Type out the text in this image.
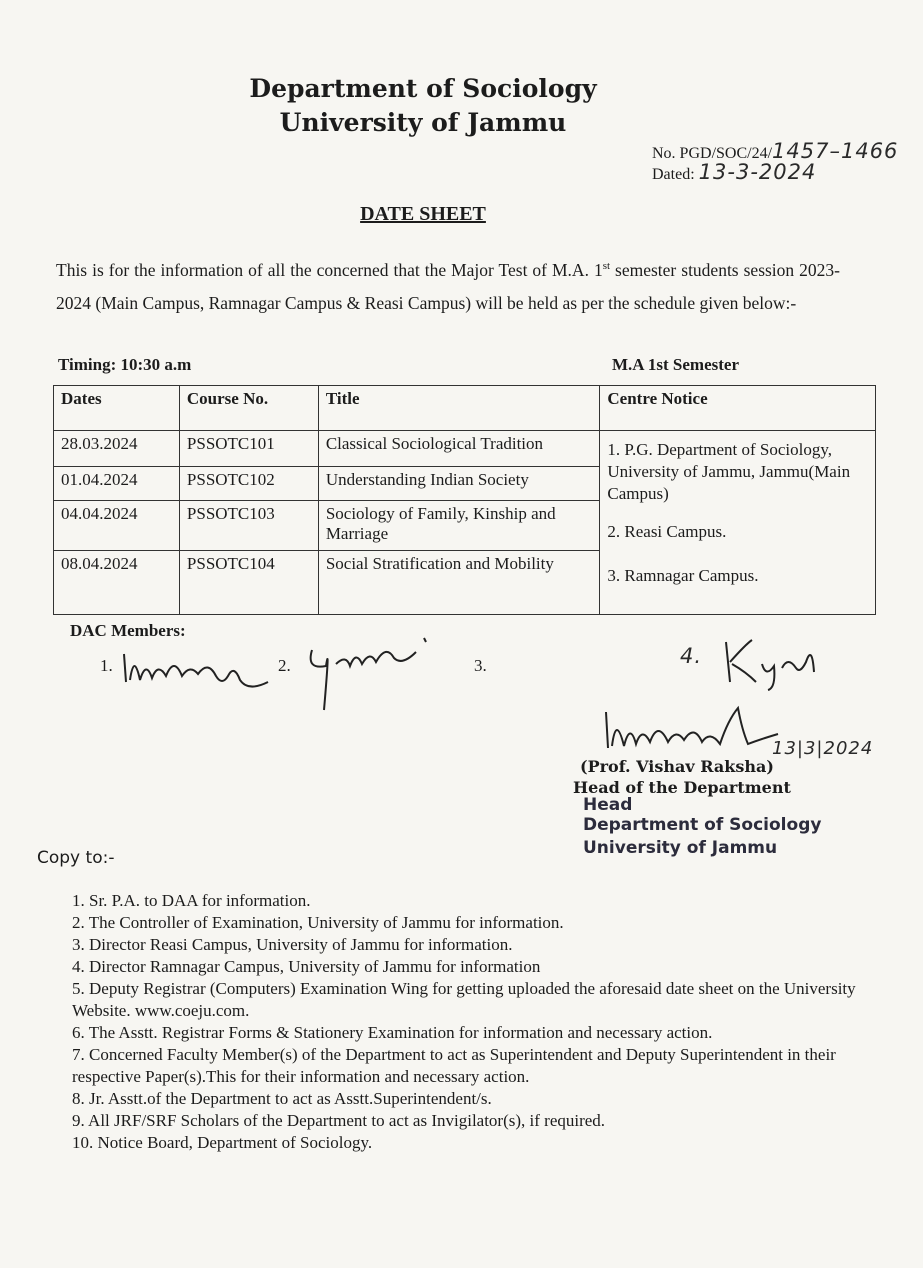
Department of Sociology
University of Jammu
No. PGD/SOC/24/1457–1466
Dated: 13-3-2024
DATE SHEET
This is for the information of all the concerned that the Major Test of M.A. 1st semester students session 2023-2024 (Main Campus, Ramnagar Campus & Reasi Campus) will be held as per the schedule given below:-
Timing: 10:30 a.m	M.A 1st Semester
Dates	Course No.	Title	Centre Notice
28.03.2024	PSSOTC101	Classical Sociological Tradition	1. P.G. Department of Sociology, University of Jammu, Jammu(Main Campus)
2. Reasi Campus.
3. Ramnagar Campus.

01.04.2024	PSSOTC102	Understanding Indian Society	
04.04.2024	PSSOTC103	Sociology of Family, Kinship and Marriage	
08.04.2024	PSSOTC104	Social Stratification and Mobility	
DAC Members:
1.	2.	3.	4.
13|3|2024
(Prof. Vishav Raksha)
Head of the Department
Head
Department of Sociology
University of Jammu
Copy to:-
1. Sr. P.A. to DAA for information.
2. The Controller of Examination, University of Jammu for information.
3. Director Reasi Campus, University of Jammu for information.
4. Director Ramnagar Campus, University of Jammu for information
5. Deputy Registrar (Computers) Examination Wing for getting uploaded the aforesaid date sheet on the University Website. www.coeju.com.
6. The Asstt. Registrar Forms & Stationery Examination for information and necessary action.
7. Concerned Faculty Member(s) of the Department to act as Superintendent and Deputy Superintendent in their respective Paper(s).This for their information and necessary action.
8. Jr. Asstt.of the Department to act as Asstt.Superintendent/s.
9. All JRF/SRF Scholars of the Department to act as Invigilator(s), if required.
10. Notice Board, Department of Sociology.
